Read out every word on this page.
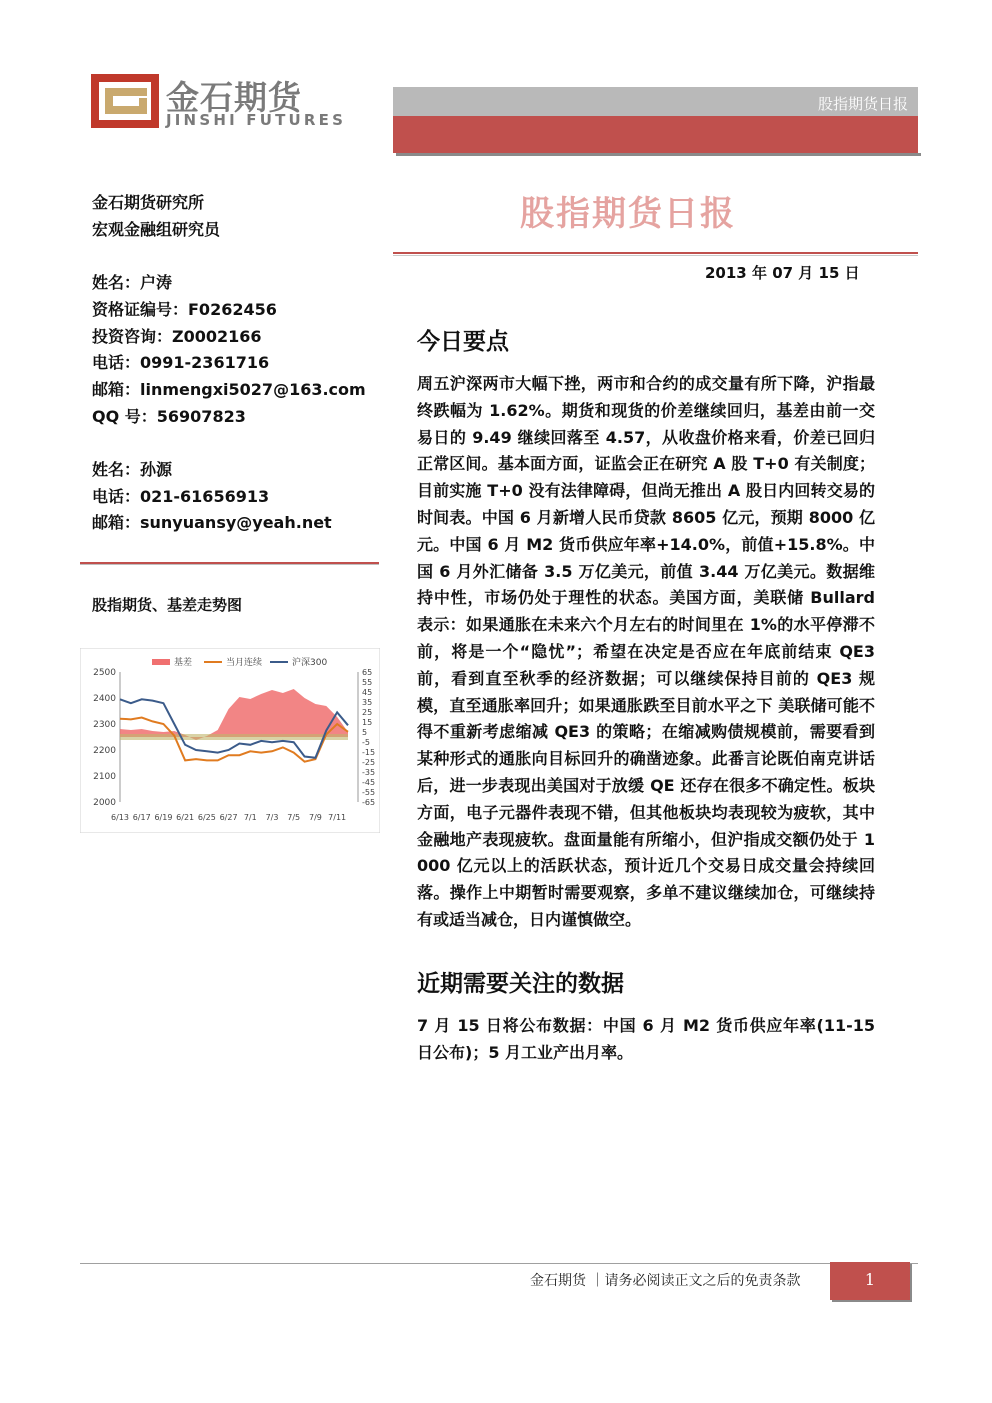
金石期货
JINSHI FUTURES
股指期货日报
股指期货日报
2013 年 07 月 15 日
金石期货研究所
宏观金融组研究员
姓名：户涛
资格证编号：F0262456
投资咨询：Z0002166
电话：0991-2361716
邮箱：linmengxi5027@163.com
QQ 号：56907823
姓名：孙源
电话：021-61656913
邮箱：sunyuansy@yeah.net
股指期货、基差走势图
2000
2100
2200
2300
2400
2500	65
55
45
35
25
15
5
-5
-15
-25
-35
-45
-55
-65
6/13 6/17 6/19 6/21 6/25 6/27 7/1 7/3 7/5 7/9 7/11
基差	当月连续	沪深300
今日要点
周五沪深两市大幅下挫，两市和合约的成交量有所下降，沪指最终跌幅为 1.62%。期货和现货的价差继续回归，基差由前一交易日的 9.49 继续回落至 4.57，从收盘价格来看，价差已回归正常区间。基本面方面，证监会正在研究 A 股 T+0 有关制度；目前实施 T+0 没有法律障碍，但尚无推出 A 股日内回转交易的时间表。中国 6 月新增人民币贷款 8605 亿元，预期 8000 亿元。中国 6 月 M2 货币供应年率+14.0%，前值+15.8%。中国 6 月外汇储备 3.5 万亿美元，前值 3.44 万亿美元。数据维持中性，市场仍处于理性的状态。美国方面，美联储 Bullard 表示：如果通胀在未来六个月左右的时间里在 1%的水平停滞不前，将是一个“隐忧”；希望在决定是否应在年底前结束 QE3 前，看到直至秋季的经济数据；可以继续保持目前的 QE3 规模，直至通胀率回升；如果通胀跌至目前水平之下 美联储可能不得不重新考虑缩减 QE3 的策略；在缩减购债规模前，需要看到某种形式的通胀向目标回升的确凿迹象。此番言论既伯南克讲话后，进一步表现出美国对于放缓 QE 还存在很多不确定性。板块方面，电子元器件表现不错，但其他板块均表现较为疲软，其中金融地产表现疲软。盘面量能有所缩小，但沪指成交额仍处于 1000 亿元以上的活跃状态，预计近几个交易日成交量会持续回落。操作上中期暂时需要观察，多单不建议继续加仓，可继续持有或适当减仓，日内谨慎做空。
近期需要关注的数据
7 月 15 日将公布数据：中国 6 月 M2 货币供应年率(11-15 日公布)；5 月工业产出月率。
金石期货 ｜请务必阅读正文之后的免责条款	1
